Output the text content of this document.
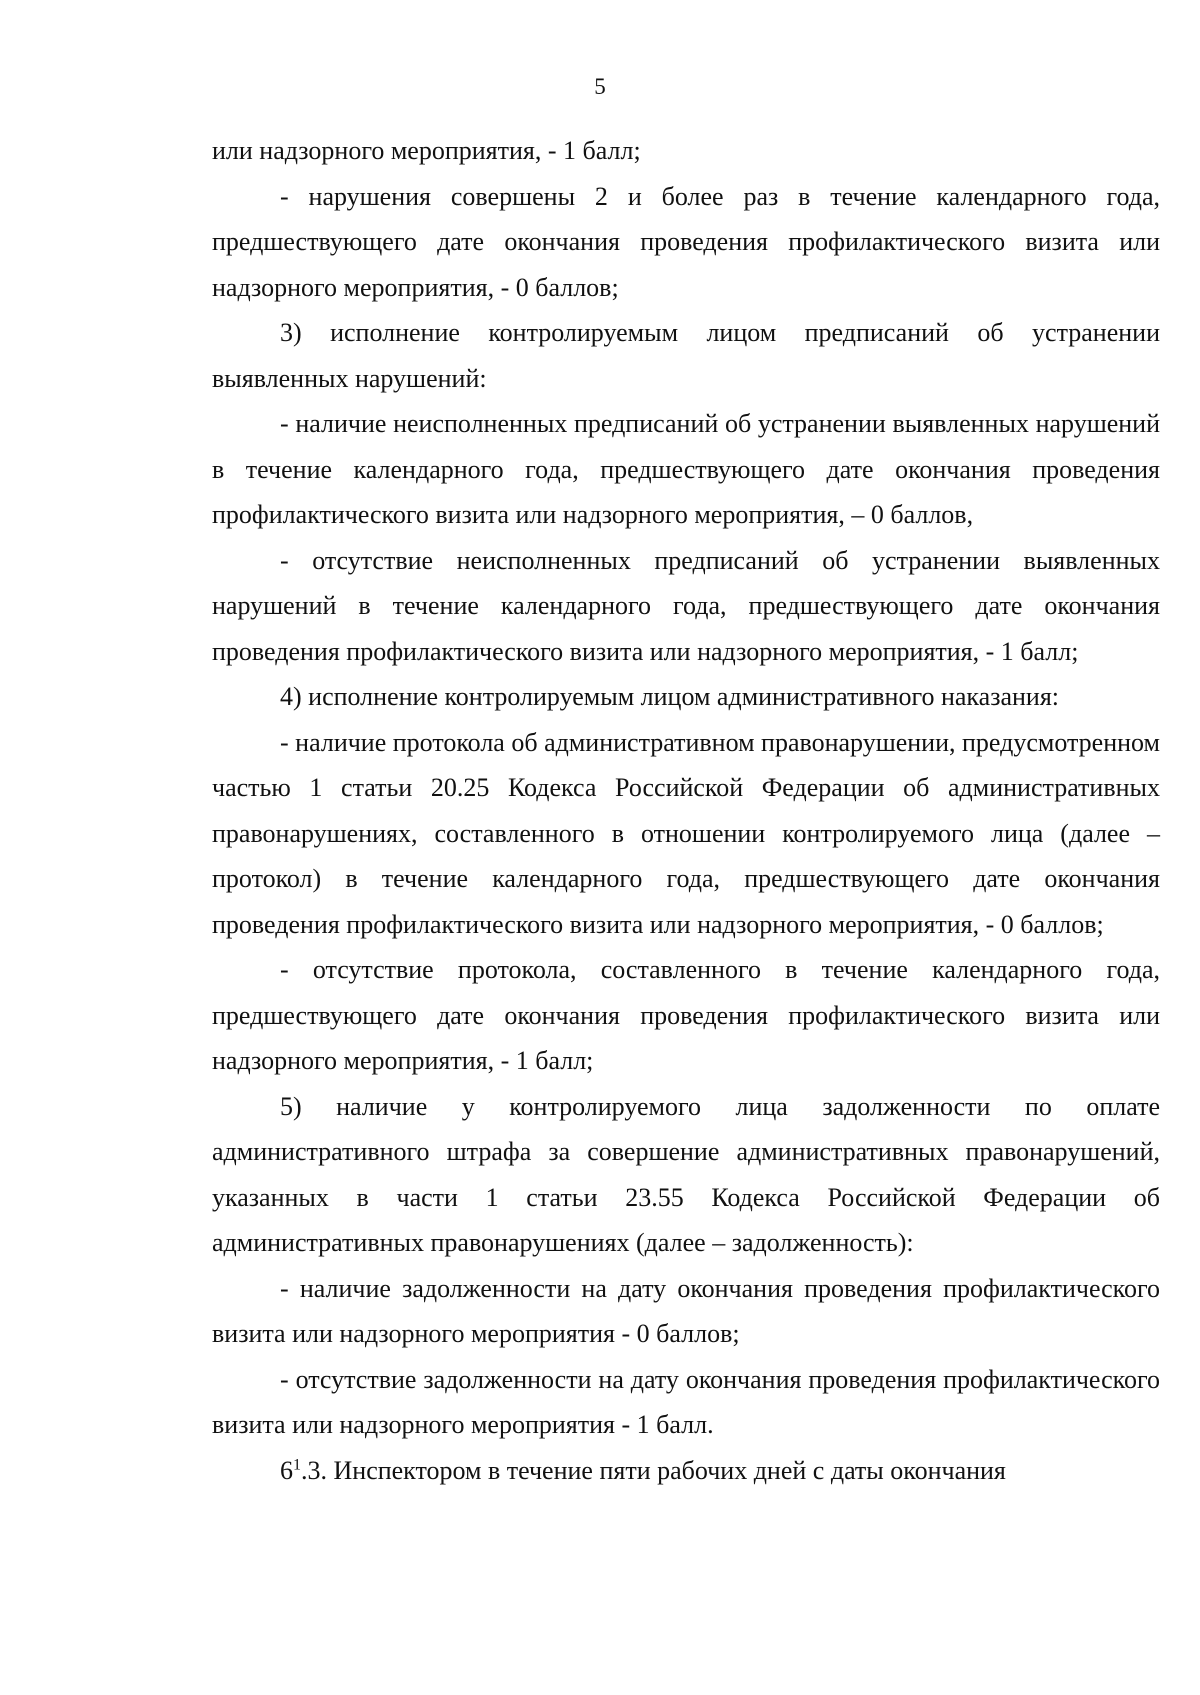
5

или надзорного мероприятия, - 1 балл;

- нарушения совершены 2 и более раз в течение календарного года, предшествующего дате окончания проведения профилактического визита или надзорного мероприятия, - 0 баллов;

3) исполнение контролируемым лицом предписаний об устранении выявленных нарушений:

- наличие неисполненных предписаний об устранении выявленных нарушений в течение календарного года, предшествующего дате окончания проведения профилактического визита или надзорного мероприятия, – 0 баллов,

- отсутствие неисполненных предписаний об устранении выявленных нарушений в течение календарного года, предшествующего дате окончания проведения профилактического визита или надзорного мероприятия, - 1 балл;

4) исполнение контролируемым лицом административного наказания:

- наличие протокола об административном правонарушении, предусмотренном частью 1 статьи 20.25 Кодекса Российской Федерации об административных правонарушениях, составленного в отношении контролируемого лица (далее – протокол) в течение календарного года, предшествующего дате окончания проведения профилактического визита или надзорного мероприятия, - 0 баллов;

- отсутствие протокола, составленного в течение календарного года, предшествующего дате окончания проведения профилактического визита или надзорного мероприятия, - 1 балл;

5) наличие у контролируемого лица задолженности по оплате административного штрафа за совершение административных правонарушений, указанных в части 1 статьи 23.55 Кодекса Российской Федерации об административных правонарушениях (далее – задолженность):

- наличие задолженности на дату окончания проведения профилактического визита или надзорного мероприятия - 0 баллов;

- отсутствие задолженности на дату окончания проведения профилактического визита или надзорного мероприятия - 1 балл.

$6^1.3$. Инспектором в течение пяти рабочих дней с даты окончания
